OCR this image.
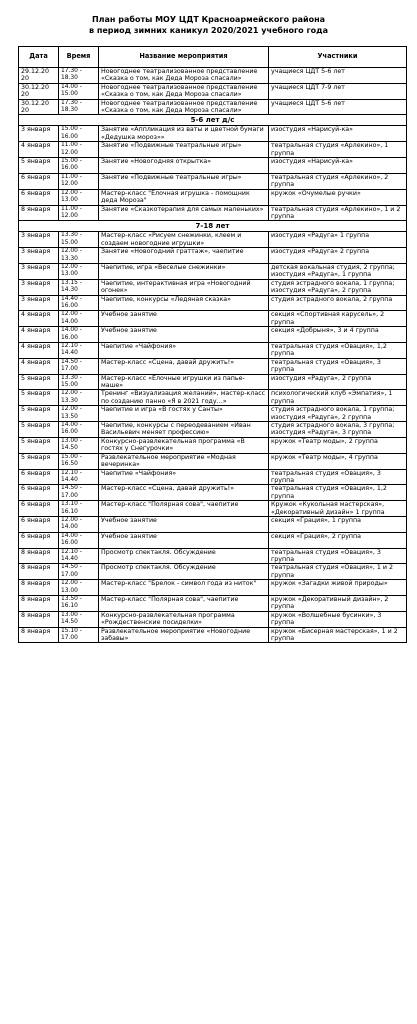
План работы МОУ ЦДТ Красноармейского района
в период зимних каникул 2020/2021 учебного года
Дата	Время	Название мероприятия	Участники
29.12.20 20	17.30 - 18.30	Новогоднее театрализованное представление «Сказка о том, как Деда Мороза спасали»	учащиеся ЦДТ 5-6 лет
30.12.20 20	14.00 - 15.00	Новогоднее театрализованное представление «Сказка о том, как Деда Мороза спасали»	учащиеся ЦДТ 7-9 лет
30.12.20 20	17.30 - 18.30	Новогоднее театрализованное представление «Сказка о том, как Деда Мороза спасали»	учащиеся ЦДТ 5-6 лет
5-6 лет д/с			
3 января	15.00 - 16.00	Занятие «Аппликация из ваты и цветной бумаги «Дедушка мороз»»	изостудия «Нарисуй-ка»
4 января	11.00 - 12.00	Занятие «Подвижные театральные игры»	театральная студия «Арлекино», 1 группа
5 января	15.00 - 16.00	Занятие «Новогодняя открытка»	изостудия «Нарисуй-ка»
6 января	11.00 - 12.00	Занятие «Подвижные театральные игры»	театральная студия «Арлекино», 2 группа
6 января	12.00 - 13.00	Мастер-класс "Ёлочная игрушка - помощник деда Мороза"	кружок «Очумелые ручки»
8 января	11.00 - 12.00	Занятие «Сказкотерапия для самых маленьких»	театральная студия «Арлекино», 1 и 2 группа
7-18 лет			
3 января	13.30 - 15.00	Мастер-класс «Рисуем снежинки, клеем и создаем новогодние игрушки»	изостудия «Радуга» 1 группа
3 января	12.00 - 13.30	Занятие «Новогодний граттаж», чаепитие	изостудия «Радуга» 2 группа
3 января	12.00 - 13.00	Чаепитие, игра «Веселые снежинки»	детская вокальная студия, 2 группа; изостудия «Радуга», 1 группа
3 января	13.15 - 14.30	Чаепитие, интерактивная игра «Новогодний огонек»	студия эстрадного вокала, 1 группа; изостудия «Радуга», 2 группа
3 января	14.40 - 16.00	Чаепитие, конкурсы «Ледяная сказка»	студия эстрадного вокала, 2 группа
4 января	12.00 - 14.00	Учебное занятие	секция «Спортивная карусель», 2 группа
4 января	14.00 - 16.00	Учебное занятие	секция «Добрыня», 3 и 4 группа
4 января	12.10 - 14.40	Чаепитие «Чайфония»	театральная студия «Овация», 1,2 группа
4 января	14.50 - 17.00	Мастер-класс «Сцена, давай дружить!»	театральная студия «Овация», 3 группа
5 января	13.30 - 15.00	Мастер-класс «Ёлочные игрушки из папье-маше»	изостудия «Радуга», 2 группа
5 января	12.00 - 13.30	Тренинг «Визуализация желаний», мастер-класс по созданию панно «Я в 2021 году…»	психологический клуб «Эмпатия», 1 группа
5 января	12.00 - 13.50	Чаепитие и игра «В гостях у Санты»	студия эстрадного вокала, 1 группа; изостудия «Радуга», 2 группа
5 января	14.00 - 16.00	Чаепитие, конкурсы с переодеванием «Иван Васильевич меняет профессию»	студия эстрадного вокала, 3 группа; изостудия «Радуга», 3 группа
5 января	13.00 - 14.50	Конкурсно-развлекательная программа «В гостях у Снегурочки»	кружок «Театр моды», 2 группа
5 января	15.00 - 16.50	Развлекательное мероприятие «Модная вечеринка»	кружок «Театр моды», 4 группа
6 января	12.10 - 14.40	Чаепитие «Чайфония»	театральная студия «Овация», 3 группа
6 января	14.50 - 17.00	Мастер-класс «Сцена, давай дружить!»	театральная студия «Овация», 1,2 группа
6 января	13.10 - 16.10	Мастер-класс "Полярная сова", чаепитие	Кружок «Кукольная мастерская», «Декоративный дизайн» 1 группа
6 января	12.00 - 14.00	Учебное занятие	секция «Грация», 1 группа
6 января	14.00 - 16.00	Учебное занятие	секция «Грация», 2 группа
8 января	12.10 - 14.40	Просмотр спектакля. Обсуждение	театральная студия «Овация», 3 группа
8 января	14.50 - 17.00	Просмотр спектакля. Обсуждение	театральная студия «Овация», 1 и 2 группа
8 января	12.00 - 13.00	Мастер-класс "Брелок - символ года из ниток"	кружок «Загадки живой природы»
8 января	13.50 - 16.10	Мастер-класс "Полярная сова", чаепитие	кружок «Декоративный дизайн», 2 группа
8 января	13.00 - 14.50	Конкурсно-развлекательная программа «Рождественские посиделки»	кружок «Волшебные бусинки», 3 группа
8 января	15.10 - 17.00	Развлекательное мероприятие «Новогодние забавы»	кружок «Бисерная мастерская», 1 и 2 группа
